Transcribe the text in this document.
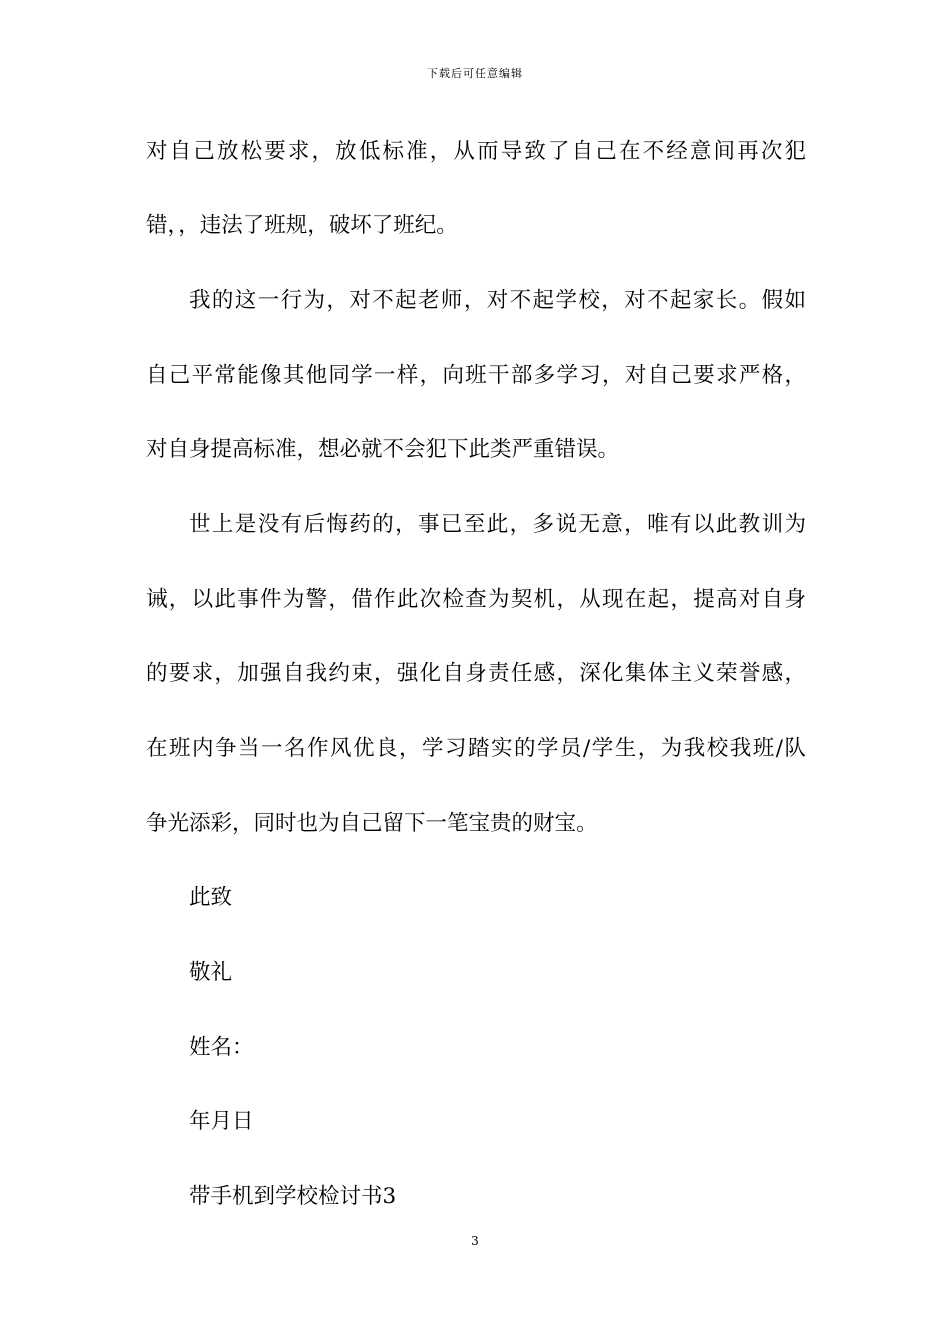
下载后可任意编辑
对自己放松要求，放低标准，从而导致了自己在不经意间再次犯
错，，违法了班规，破坏了班纪。
我的这一行为，对不起老师，对不起学校，对不起家长。假如
自己平常能像其他同学一样，向班干部多学习，对自己要求严格，
对自身提高标准，想必就不会犯下此类严重错误。
世上是没有后悔药的，事已至此，多说无意，唯有以此教训为
诫，以此事件为警，借作此次检查为契机，从现在起，提高对自身
的要求，加强自我约束，强化自身责任感，深化集体主义荣誉感，
在班内争当一名作风优良，学习踏实的学员/学生，为我校我班/队
争光添彩，同时也为自己留下一笔宝贵的财宝。
此致
敬礼
姓名：
年月日
带手机到学校检讨书3
3
